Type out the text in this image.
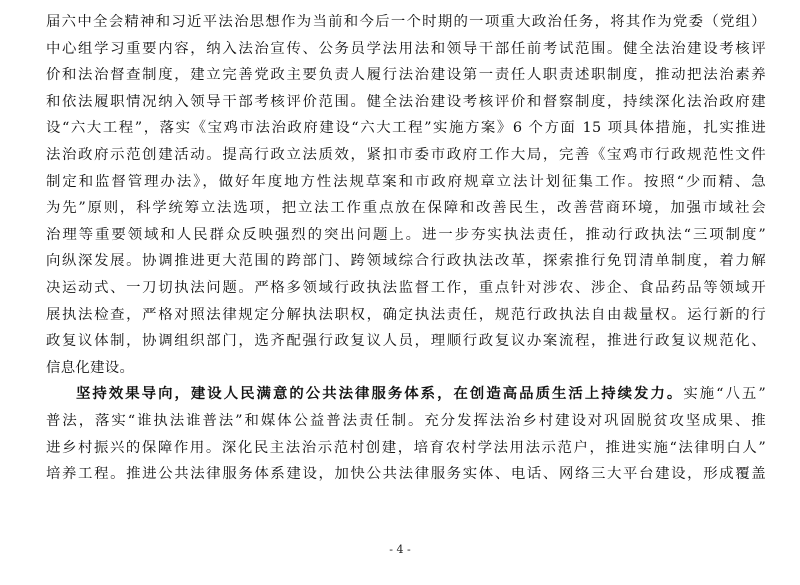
届六中全会精神和习近平法治思想作为当前和今后一个时期的一项重大政治任务，将其作为党委（党组）
中心组学习重要内容，纳入法治宣传、公务员学法用法和领导干部任前考试范围。健全法治建设考核评
价和法治督查制度，建立完善党政主要负责人履行法治建设第一责任人职责述职制度，推动把法治素养
和依法履职情况纳入领导干部考核评价范围。健全法治建设考核评价和督察制度，持续深化法治政府建
设“六大工程”，落实《宝鸡市法治政府建设“六大工程”实施方案》6 个方面 15 项具体措施，扎实推进
法治政府示范创建活动。提高行政立法质效，紧扣市委市政府工作大局，完善《宝鸡市行政规范性文件
制定和监督管理办法》，做好年度地方性法规草案和市政府规章立法计划征集工作。按照“少而精、急
为先”原则，科学统筹立法选项，把立法工作重点放在保障和改善民生，改善营商环境，加强市域社会
治理等重要领域和人民群众反映强烈的突出问题上。进一步夯实执法责任，推动行政执法“三项制度”
向纵深发展。协调推进更大范围的跨部门、跨领域综合行政执法改革，探索推行免罚清单制度，着力解
决运动式、一刀切执法问题。严格多领域行政执法监督工作，重点针对涉农、涉企、食品药品等领域开
展执法检查，严格对照法律规定分解执法职权，确定执法责任，规范行政执法自由裁量权。运行新的行
政复议体制，协调组织部门，选齐配强行政复议人员，理顺行政复议办案流程，推进行政复议规范化、
信息化建设。
坚持效果导向，建设人民满意的公共法律服务体系，在创造高品质生活上持续发力。实施“八五”
普法，落实“谁执法谁普法”和媒体公益普法责任制。充分发挥法治乡村建设对巩固脱贫攻坚成果、推
进乡村振兴的保障作用。深化民主法治示范村创建，培育农村学法用法示范户，推进实施“法律明白人”
培养工程。推进公共法律服务体系建设，加快公共法律服务实体、电话、网络三大平台建设，形成覆盖
- 4 -
